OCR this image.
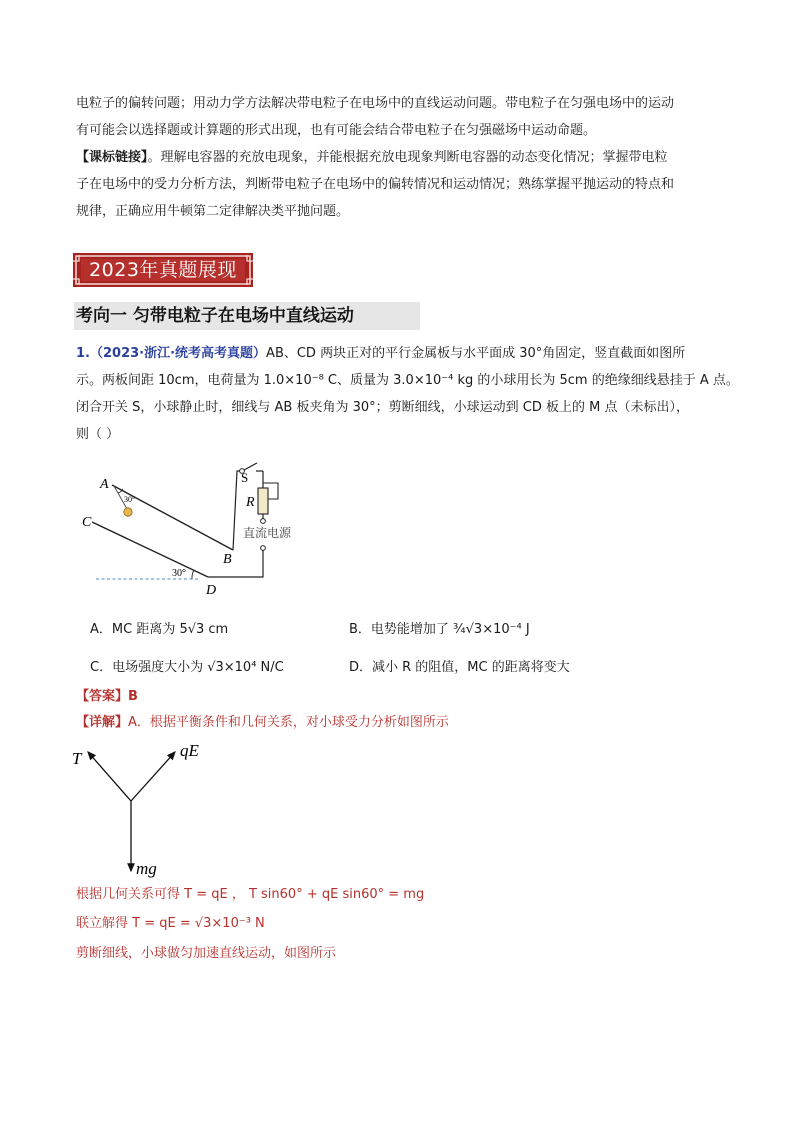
电粒子的偏转问题；用动力学方法解决带电粒子在电场中的直线运动问题。带电粒子在匀强电场中的运动
有可能会以选择题或计算题的形式出现，也有可能会结合带电粒子在匀强磁场中运动命题。
【课标链接】。理解电容器的充放电现象，并能根据充放电现象判断电容器的动态变化情况；掌握带电粒
子在电场中的受力分析方法，判断带电粒子在电场中的偏转情况和运动情况；熟练掌握平抛运动的特点和
规律，正确应用牛顿第二定律解决类平抛问题。
2023年真题展现
考向一 匀带电粒子在电场中直线运动
1.（2023·浙江·统考高考真题）AB、CD 两块正对的平行金属板与水平面成 30°角固定，竖直截面如图所
示。两板间距 10cm，电荷量为 1.0×10⁻⁸ C、质量为 3.0×10⁻⁴ kg 的小球用长为 5cm 的绝缘细线悬挂于 A 点。
闭合开关 S，小球静止时，细线与 AB 板夹角为 30°；剪断细线，小球运动到 CD 板上的 M 点（未标出），
则（ ）
A
C
B
D
S
R
直流电源
30°
30°
A．MC 距离为 5√3 cm	B．电势能增加了 ¾√3×10⁻⁴ J
C．电场强度大小为 √3×10⁴ N/C	D．减小 R 的阻值，MC 的距离将变大
【答案】B
【详解】A．根据平衡条件和几何关系，对小球受力分析如图所示
T	qE
mg
根据几何关系可得 T = qE ， T sin60° + qE sin60° = mg
联立解得 T = qE = √3×10⁻³ N
剪断细线，小球做匀加速直线运动，如图所示
